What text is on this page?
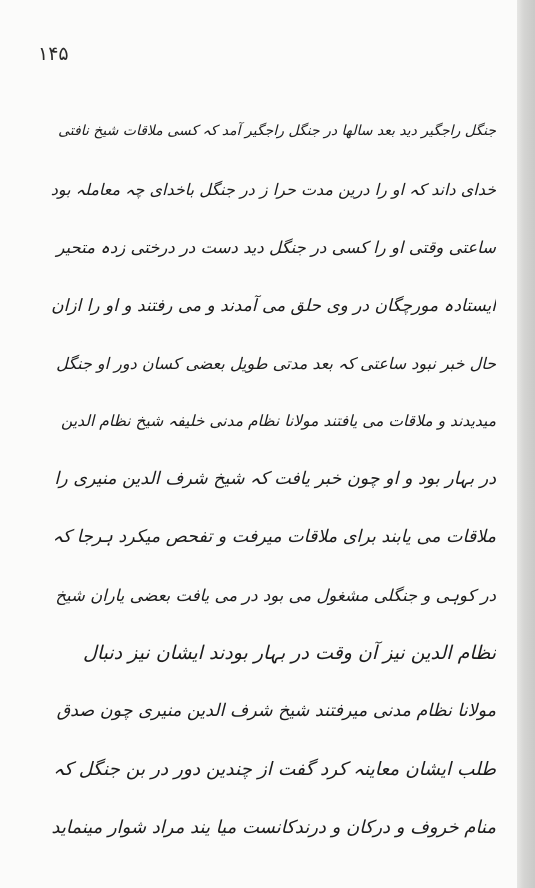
۱۴۵
جنگل راجگیر دید بعد سالها در جنگل راجگیر آمد کہ کسی ملاقات شیخ نافتی
خدای داند کہ او را درین مدت حرا ز در جنگل باخدای چہ معاملہ بود
ساعتی وقتی او را کسی در جنگل دید دست در درختی زدہ متحیر
ایستادہ مورچگان در وی حلق می آمدند و می رفتند و او را ازان
حال خبر نبود ساعتی کہ بعد مدتی طویل بعضی کسان دور او جنگل
میدیدند و ملاقات می یافتند مولانا نظام مدنی خلیفہ شیخ نظام الدین
در بہار بود و او چون خبر یافت کہ شیخ شرف الدین منیری را
ملاقات می یابند برای ملاقات میرفت و تفحص میکرد ہرجا کہ
در کوہی و جنگلی مشغول می بود در می یافت بعضی یاران شیخ
نظام الدین نیز آن وقت در بہار بودند ایشان نیز دنبال
مولانا نظام مدنی میرفتند شیخ شرف الدین منیری چون صدق
طلب ایشان معاینہ کرد گفت از چندین دور در بن جنگل کہ
منام خروف و درکان و درندکانست میا یند مراد شوار مینماید
